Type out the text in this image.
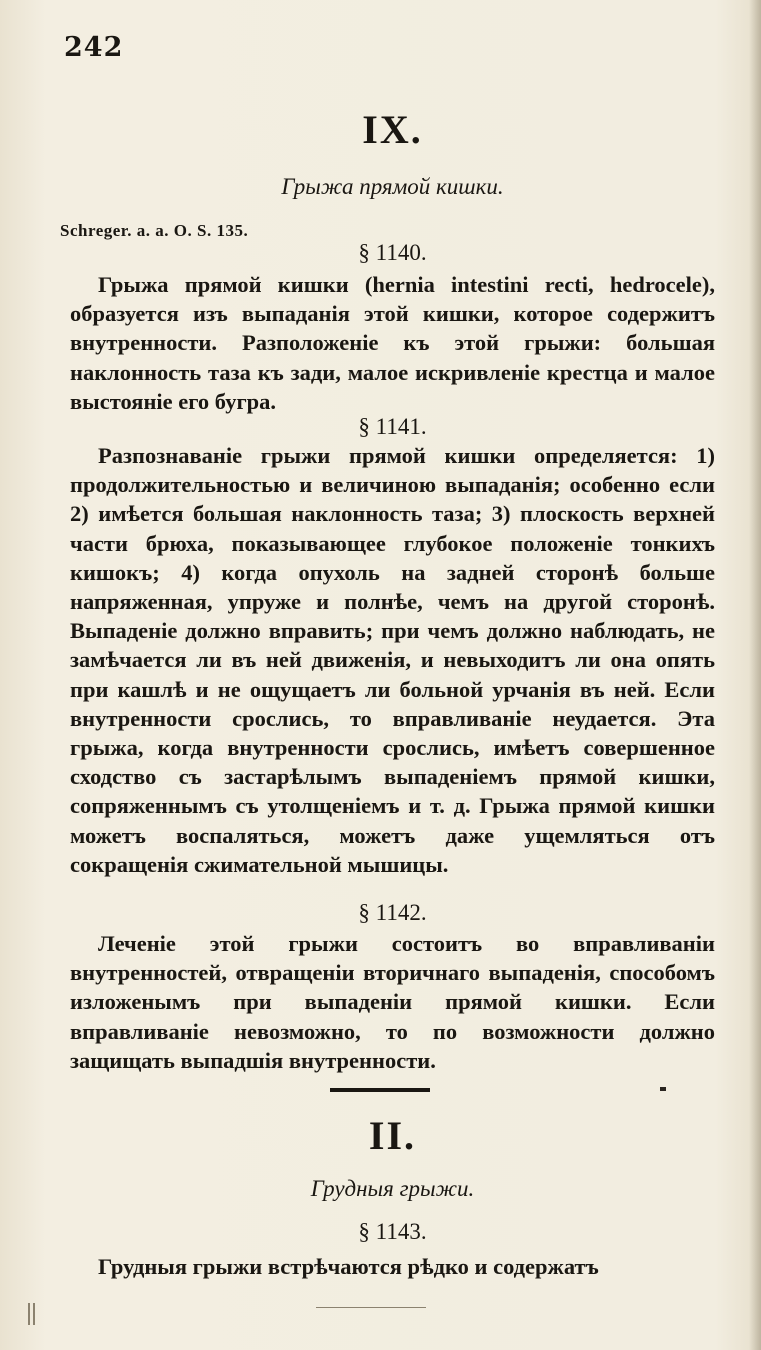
242
IX.
Грыжа прямой кишки.
Schreger. a. a. O. S. 135.
§ 1140.
Грыжа прямой кишки (hernia intestini recti, hedrocele), образуется изъ выпаданія этой кишки, которое содержитъ внутренности. Разположеніе къ этой грыжи: большая наклонность таза къ зади, малое искривленіе крестца и малое выстояніе его бугра.
§ 1141.
Разпознаваніе грыжи прямой кишки определяется: 1) продолжительностью и величиною выпаданія; особенно если 2) имѣется большая наклонность таза; 3) плоскость верхней части брюха, показывающее глубокое положеніе тонкихъ кишокъ; 4) когда опухоль на задней сторонѣ больше напряженная, упруже и полнѣе, чемъ на другой сторонѣ. Выпаденіе должно вправить; при чемъ должно наблюдать, не замѣчается ли въ ней движенія, и невыходитъ ли она опять при кашлѣ и не ощущаетъ ли больной урчанія въ ней. Если внутренности срослись, то вправливаніе неудается. Эта грыжа, когда внутренности срослись, имѣетъ совершенное сходство съ застарѣлымъ выпаденіемъ прямой кишки, сопряженнымъ съ утолщеніемъ и т. д. Грыжа прямой кишки можетъ воспаляться, можетъ даже ущемляться отъ сокращенія сжимательной мышицы.
§ 1142.
Леченіе этой грыжи состоитъ во вправливаніи внутренностей, отвращеніи вторичнаго выпаденія, способомъ изложенымъ при выпаденіи прямой кишки. Если вправливаніе невозможно, то по возможности должно защищать выпадшія внутренности.
II.
Грудныя грыжи.
§ 1143.
Грудныя грыжи встрѣчаются рѣдко и содержатъ
